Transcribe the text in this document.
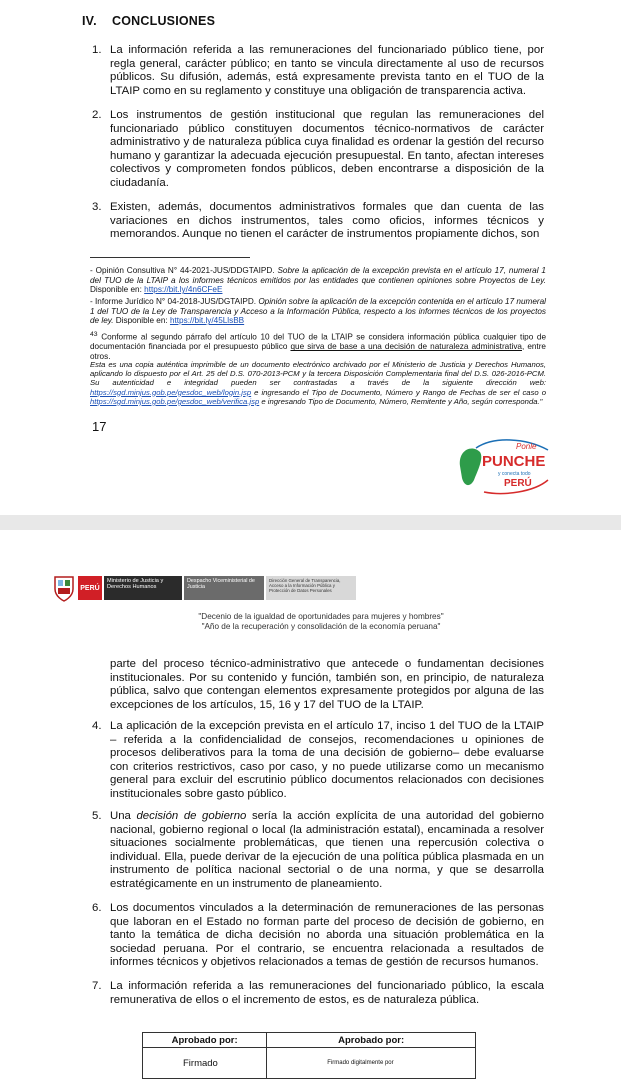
IV. CONCLUSIONES
1. La información referida a las remuneraciones del funcionariado público tiene, por regla general, carácter público; en tanto se vincula directamente al uso de recursos públicos. Su difusión, además, está expresamente prevista tanto en el TUO de la LTAIP como en su reglamento y constituye una obligación de transparencia activa.
2. Los instrumentos de gestión institucional que regulan las remuneraciones del funcionariado público constituyen documentos técnico-normativos de carácter administrativo y de naturaleza pública cuya finalidad es ordenar la gestión del recurso humano y garantizar la adecuada ejecución presupuestal. En tanto, afectan intereses colectivos y comprometen fondos públicos, deben encontrarse a disposición de la ciudadanía.
3. Existen, además, documentos administrativos formales que dan cuenta de las variaciones en dichos instrumentos, tales como oficios, informes técnicos y memorandos. Aunque no tienen el carácter de instrumentos propiamente dichos, son
- Opinión Consultiva N° 44-2021-JUS/DDGTAIPD. Sobre la aplicación de la excepción prevista en el artículo 17, numeral 1 del TUO de la LTAIP a los informes técnicos emitidos por las entidades que contienen opiniones sobre Proyectos de Ley. Disponible en: https://bit.ly/4n6CFeE
- Informe Jurídico N° 04-2018-JUS/DGTAIPD. Opinión sobre la aplicación de la excepción contenida en el artículo 17 numeral 1 del TUO de la Ley de Transparencia y Acceso a la Información Pública, respecto a los informes técnicos de los proyectos de ley. Disponible en: https://bit.ly/45LlsBB
$^{43}$ Conforme al segundo párrafo del artículo 10 del TUO de la LTAIP se considera información pública cualquier tipo de documentación financiada por el presupuesto público que sirva de base a una decisión de naturaleza administrativa, entre otros.
Esta es una copia auténtica imprimible de un documento electrónico archivado por el Ministerio de Justicia y Derechos Humanos, aplicando lo dispuesto por el Art. 25 del D.S. 070-2013-PCM y la tercera Disposición Complementaria final del D.S. 026-2016-PCM. Su autenticidad e integridad pueden ser contrastadas a través de la siguiente dirección web: https://sgd.minjus.gob.pe/gesdoc_web/login.jsp e ingresando el Tipo de Documento, Número y Rango de Fechas de ser el caso o https://sgd.minjus.gob.pe/gesdoc_web/verifica.jsp e ingresando Tipo de Documento, Número, Remitente y Año, según corresponda."
17
Ponle
PUNCHE
y conecta todo
PERÚ
PERÚ
Ministerio de Justicia y Derechos Humanos
Despacho Viceministerial de Justicia
Dirección General de Transparencia, Acceso a la Información Pública y Protección de Datos Personales
"Decenio de la igualdad de oportunidades para mujeres y hombres"
"Año de la recuperación y consolidación de la economía peruana"
parte del proceso técnico-administrativo que antecede o fundamentan decisiones institucionales. Por su contenido y función, también son, en principio, de naturaleza pública, salvo que contengan elementos expresamente protegidos por alguna de las excepciones de los artículos, 15, 16 y 17 del TUO de la LTAIP.
4. La aplicación de la excepción prevista en el artículo 17, inciso 1 del TUO de la LTAIP – referida a la confidencialidad de consejos, recomendaciones u opiniones de procesos deliberativos para la toma de una decisión de gobierno– debe evaluarse con criterios restrictivos, caso por caso, y no puede utilizarse como un mecanismo general para excluir del escrutinio público documentos relacionados con decisiones institucionales sobre gasto público.
5. Una decisión de gobierno sería la acción explícita de una autoridad del gobierno nacional, gobierno regional o local (la administración estatal), encaminada a resolver situaciones socialmente problemáticas, que tienen una repercusión colectiva o individual. Ella, puede derivar de la ejecución de una política pública plasmada en un instrumento de política nacional sectorial o de una norma, y que se desarrolla estratégicamente en un instrumento de planeamiento.
6. Los documentos vinculados a la determinación de remuneraciones de las personas que laboran en el Estado no forman parte del proceso de decisión de gobierno, en tanto la temática de dicha decisión no aborda una situación problemática en la sociedad peruana. Por el contrario, se encuentra relacionada a resultados de informes técnicos y objetivos relacionados a temas de gestión de recursos humanos.
7. La información referida a las remuneraciones del funcionariado público, la escala remunerativa de ellos o el incremento de estos, es de naturaleza pública.
Aprobado por:	Aprobado por:
Firmado	Firmado digitalmente por
